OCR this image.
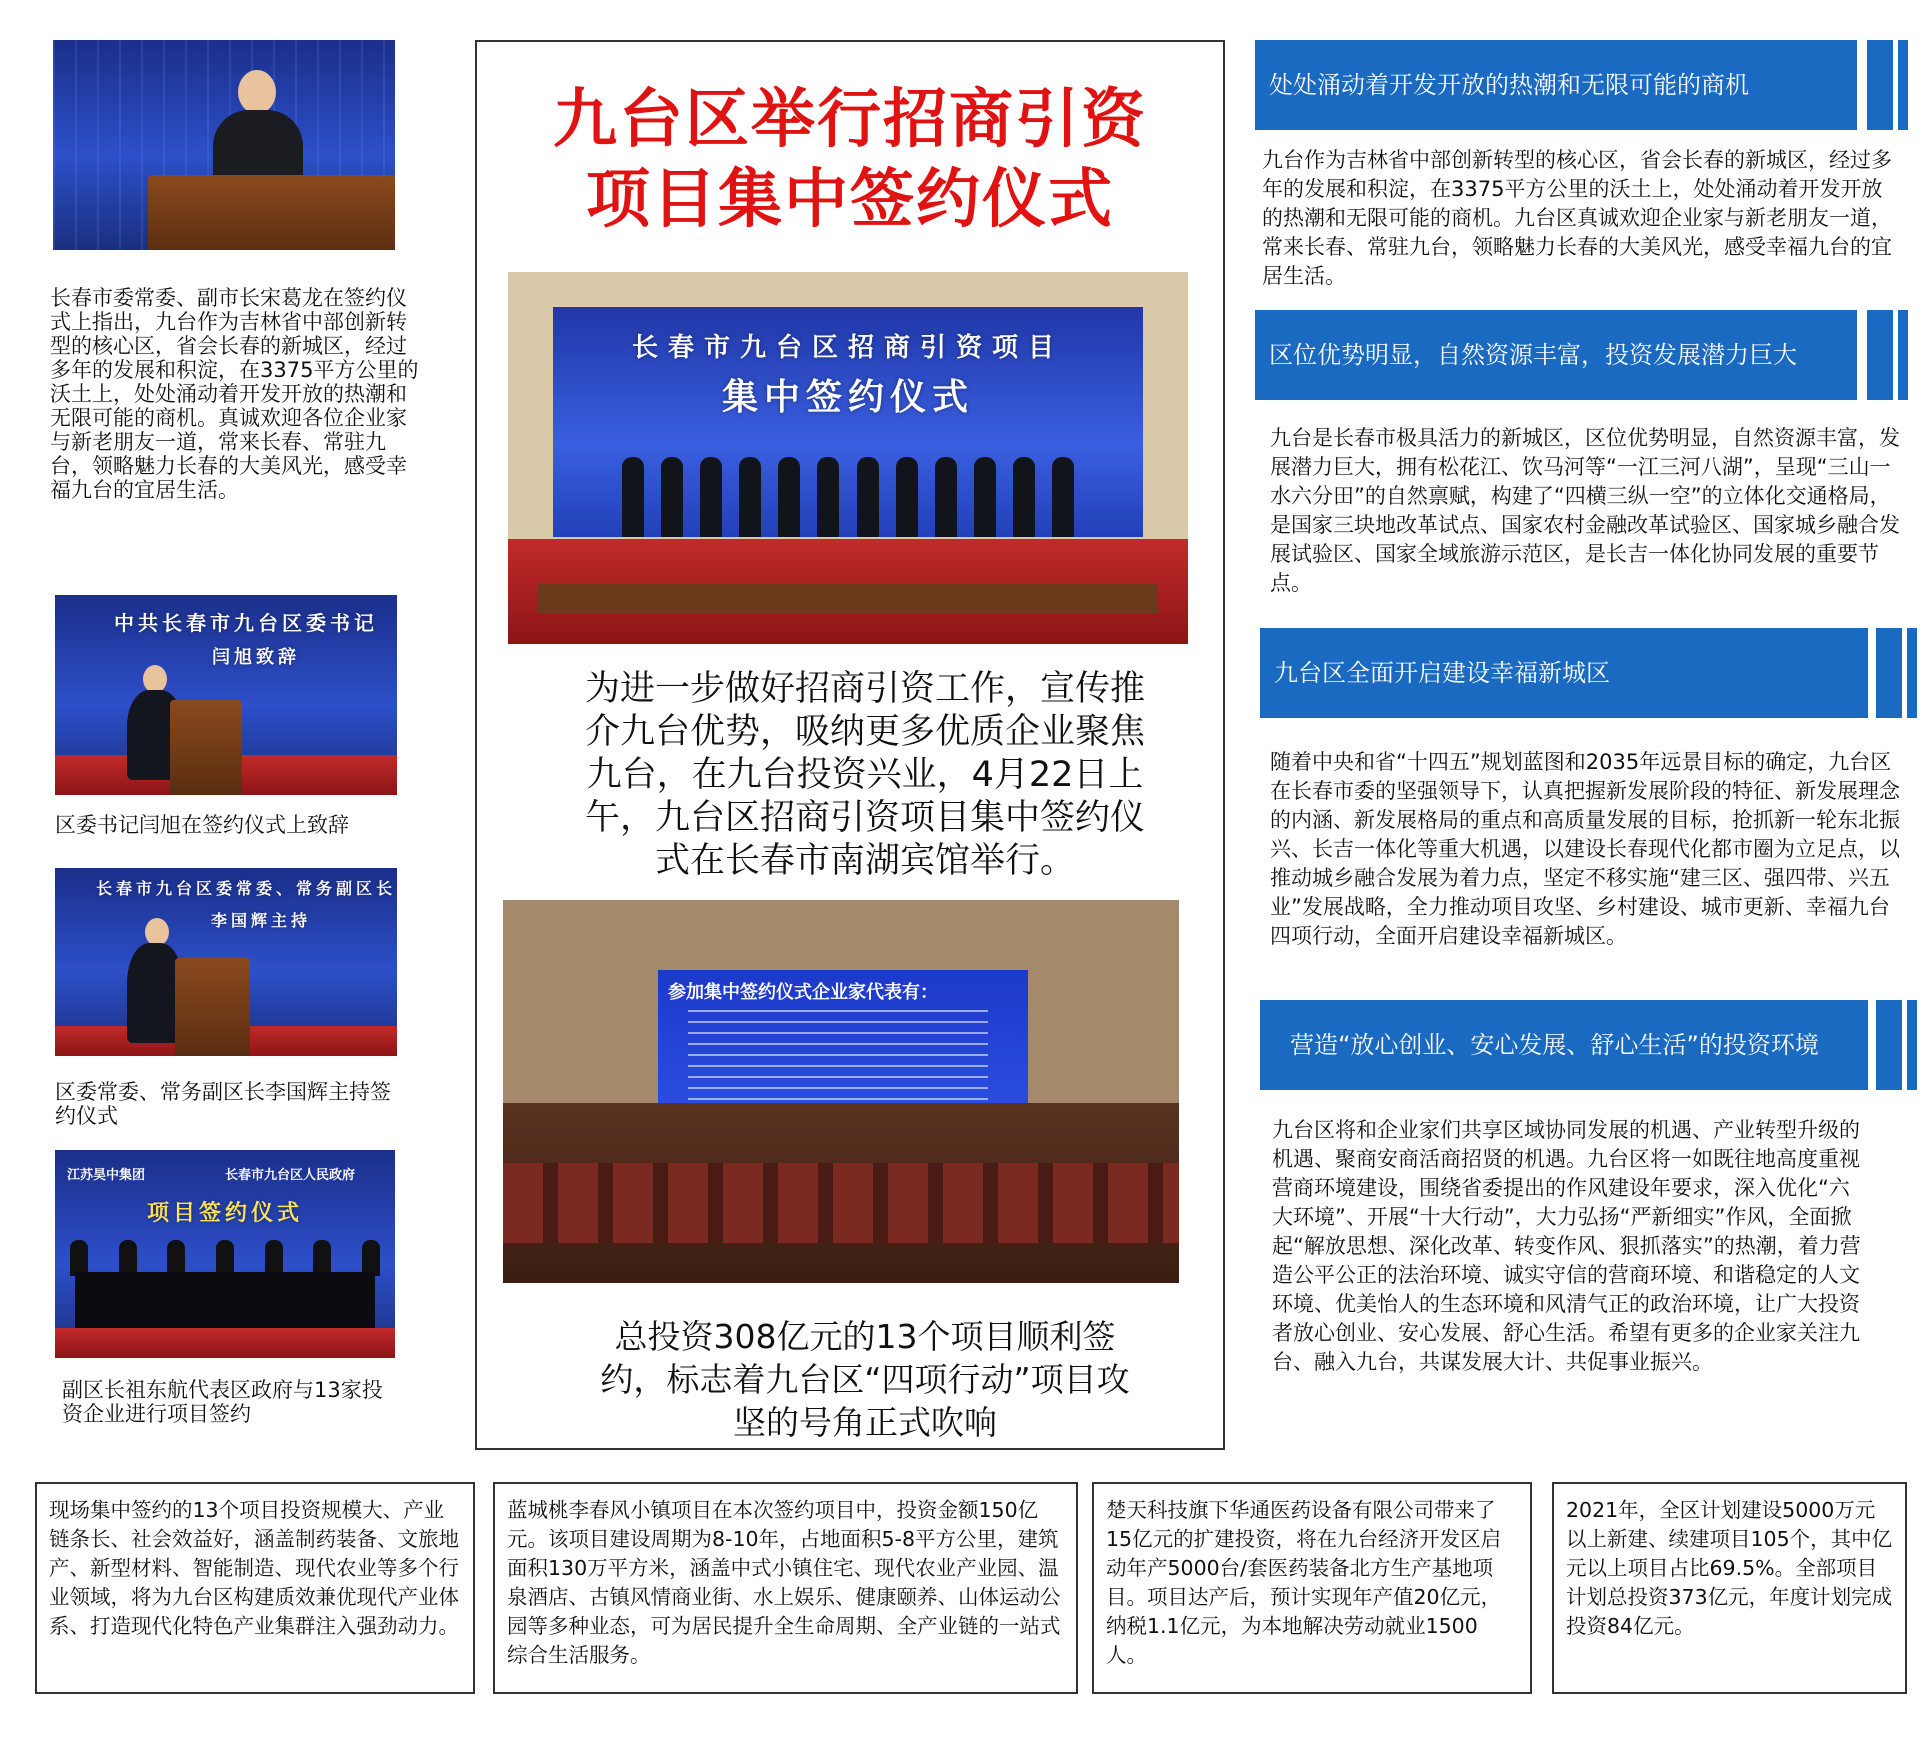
长春市委常委、副市长宋葛龙在签约仪式上指出，九台作为吉林省中部创新转型的核心区，省会长春的新城区，经过多年的发展和积淀，在3375平方公里的沃土上，处处涌动着开发开放的热潮和无限可能的商机。真诚欢迎各位企业家与新老朋友一道，常来长春、常驻九台，领略魅力长春的大美风光，感受幸福九台的宜居生活。
中共长春市九台区委书记
闫旭致辞
区委书记闫旭在签约仪式上致辞
长春市九台区委常委、常务副区长
李国辉主持
区委常委、常务副区长李国辉主持签约仪式
江苏昊中集团	长春市九台区人民政府
项目签约仪式
副区长祖东航代表区政府与13家投资企业进行项目签约
九台区举行招商引资
项目集中签约仪式
长春市九台区招商引资项目
集中签约仪式
为进一步做好招商引资工作，宣传推介九台优势，吸纳更多优质企业聚焦九台，在九台投资兴业，4月22日上午，九台区招商引资项目集中签约仪式在长春市南湖宾馆举行。
参加集中签约仪式企业家代表有：
总投资308亿元的13个项目顺利签约，标志着九台区“四项行动”项目攻坚的号角正式吹响
处处涌动着开发开放的热潮和无限可能的商机
九台作为吉林省中部创新转型的核心区，省会长春的新城区，经过多年的发展和积淀，在3375平方公里的沃土上，处处涌动着开发开放的热潮和无限可能的商机。九台区真诚欢迎企业家与新老朋友一道，常来长春、常驻九台，领略魅力长春的大美风光，感受幸福九台的宜居生活。
区位优势明显，自然资源丰富，投资发展潜力巨大
九台是长春市极具活力的新城区，区位优势明显，自然资源丰富，发展潜力巨大，拥有松花江、饮马河等“一江三河八湖”，呈现“三山一水六分田”的自然禀赋，构建了“四横三纵一空”的立体化交通格局，是国家三块地改革试点、国家农村金融改革试验区、国家城乡融合发展试验区、国家全域旅游示范区，是长吉一体化协同发展的重要节点。
九台区全面开启建设幸福新城区
随着中央和省“十四五”规划蓝图和2035年远景目标的确定，九台区在长春市委的坚强领导下，认真把握新发展阶段的特征、新发展理念的内涵、新发展格局的重点和高质量发展的目标，抢抓新一轮东北振兴、长吉一体化等重大机遇，以建设长春现代化都市圈为立足点，以推动城乡融合发展为着力点，坚定不移实施“建三区、强四带、兴五业”发展战略，全力推动项目攻坚、乡村建设、城市更新、幸福九台四项行动，全面开启建设幸福新城区。
营造“放心创业、安心发展、舒心生活”的投资环境
九台区将和企业家们共享区域协同发展的机遇、产业转型升级的机遇、聚商安商活商招贤的机遇。九台区将一如既往地高度重视营商环境建设，围绕省委提出的作风建设年要求，深入优化“六大环境”、开展“十大行动”，大力弘扬“严新细实”作风，全面掀起“解放思想、深化改革、转变作风、狠抓落实”的热潮，着力营造公平公正的法治环境、诚实守信的营商环境、和谐稳定的人文环境、优美怡人的生态环境和风清气正的政治环境，让广大投资者放心创业、安心发展、舒心生活。希望有更多的企业家关注九台、融入九台，共谋发展大计、共促事业振兴。
现场集中签约的13个项目投资规模大、产业链条长、社会效益好，涵盖制药装备、文旅地产、新型材料、智能制造、现代农业等多个行业领域，将为九台区构建质效兼优现代产业体系、打造现代化特色产业集群注入强劲动力。
蓝城桃李春风小镇项目在本次签约项目中，投资金额150亿元。该项目建设周期为8-10年，占地面积5-8平方公里，建筑面积130万平方米，涵盖中式小镇住宅、现代农业产业园、温泉酒店、古镇风情商业街、水上娱乐、健康颐养、山体运动公园等多种业态，可为居民提升全生命周期、全产业链的一站式综合生活服务。
楚天科技旗下华通医药设备有限公司带来了15亿元的扩建投资，将在九台经济开发区启动年产5000台/套医药装备北方生产基地项目。项目达产后，预计实现年产值20亿元，纳税1.1亿元，为本地解决劳动就业1500人。
2021年，全区计划建设5000万元以上新建、续建项目105个，其中亿元以上项目占比69.5%。全部项目计划总投资373亿元，年度计划完成投资84亿元。
